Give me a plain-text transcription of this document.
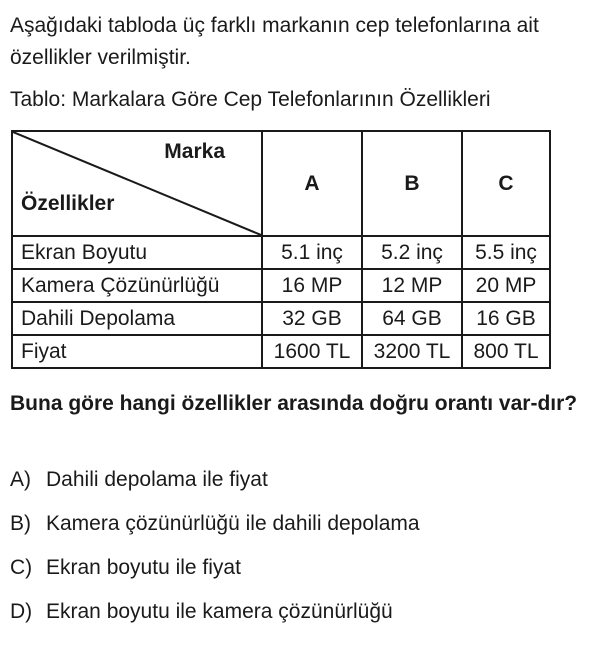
Aşağıdaki tabloda üç farklı markanın cep telefonlarına ait özellikler verilmiştir.

Tablo: Markalara Göre Cep Telefonlarının Özellikleri

Marka
Özellikler	A	B	C
Ekran Boyutu	5.1 inç	5.2 inç	5.5 inç
Kamera Çözünürlüğü	16 MP	12 MP	20 MP
Dahili Depolama	32 GB	64 GB	16 GB
Fiyat	1600 TL	3200 TL	800 TL

Buna göre hangi özellikler arasında doğru orantı var-dır?

A) Dahili depolama ile fiyat
B) Kamera çözünürlüğü ile dahili depolama
C) Ekran boyutu ile fiyat
D) Ekran boyutu ile kamera çözünürlüğü
